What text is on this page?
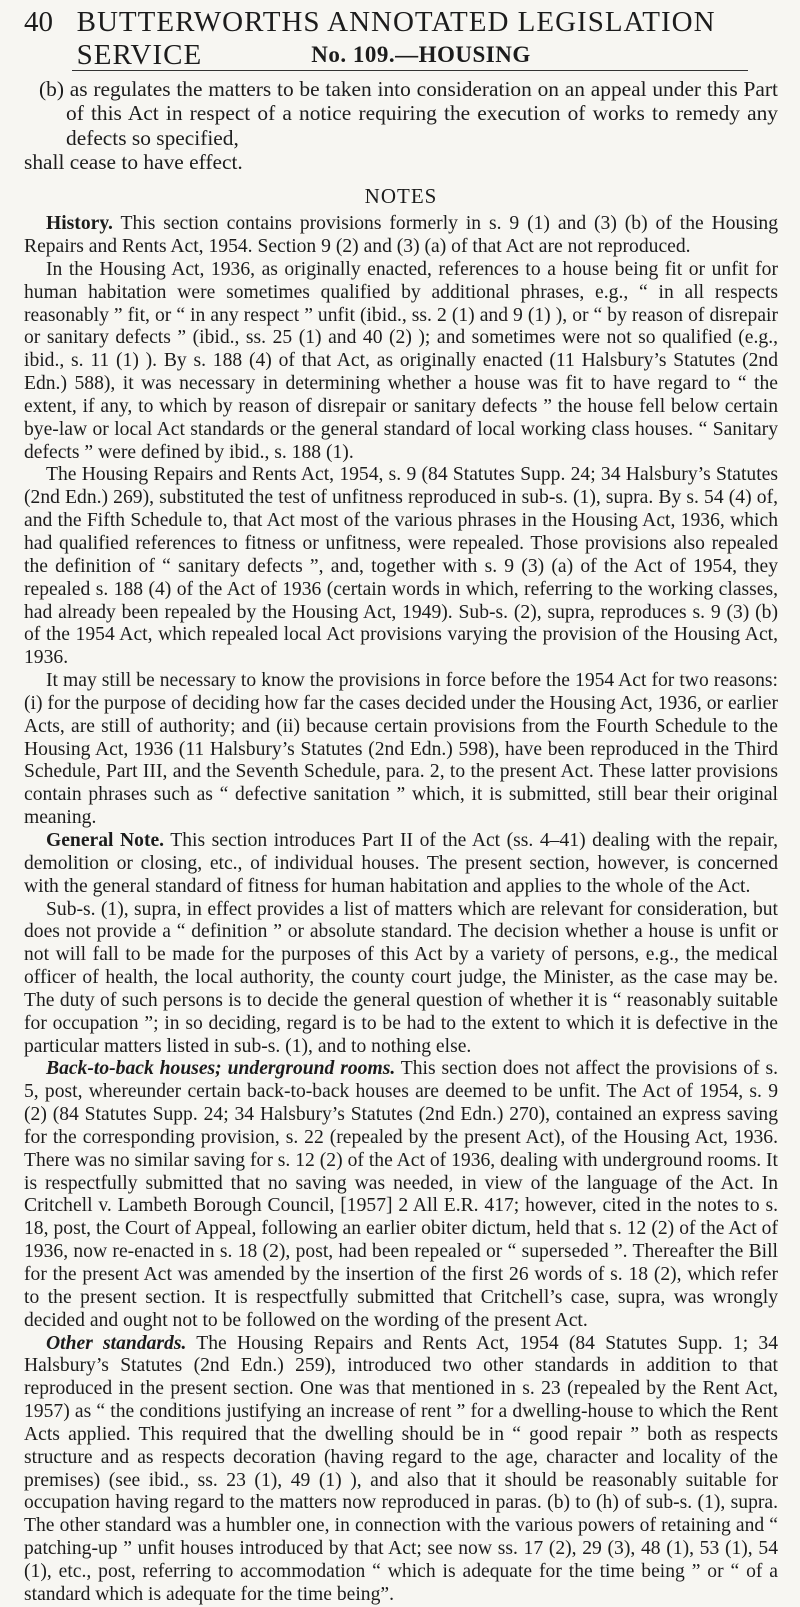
40 BUTTERWORTHS ANNOTATED LEGISLATION SERVICE	No. 109.—HOUSING

(b) as regulates the matters to be taken into consideration on an appeal under this Part of this Act in respect of a notice requiring the execution of works to remedy any defects so specified,

shall cease to have effect.

NOTES

History. This section contains provisions formerly in s. 9 (1) and (3) (b) of the Housing Repairs and Rents Act, 1954. Section 9 (2) and (3) (a) of that Act are not reproduced.

In the Housing Act, 1936, as originally enacted, references to a house being fit or unfit for human habitation were sometimes qualified by additional phrases, e.g., “ in all respects reasonably ” fit, or “ in any respect ” unfit (ibid., ss. 2 (1) and 9 (1) ), or “ by reason of disrepair or sanitary defects ” (ibid., ss. 25 (1) and 40 (2) ); and sometimes were not so qualified (e.g., ibid., s. 11 (1) ). By s. 188 (4) of that Act, as originally enacted (11 Halsbury’s Statutes (2nd Edn.) 588), it was necessary in determining whether a house was fit to have regard to “ the extent, if any, to which by reason of disrepair or sanitary defects ” the house fell below certain bye-law or local Act standards or the general standard of local working class houses. “ Sanitary defects ” were defined by ibid., s. 188 (1).

The Housing Repairs and Rents Act, 1954, s. 9 (84 Statutes Supp. 24; 34 Halsbury’s Statutes (2nd Edn.) 269), substituted the test of unfitness reproduced in sub-s. (1), supra. By s. 54 (4) of, and the Fifth Schedule to, that Act most of the various phrases in the Housing Act, 1936, which had qualified references to fitness or unfitness, were repealed. Those provisions also repealed the definition of “ sanitary defects ”, and, together with s. 9 (3) (a) of the Act of 1954, they repealed s. 188 (4) of the Act of 1936 (certain words in which, referring to the working classes, had already been repealed by the Housing Act, 1949). Sub-s. (2), supra, reproduces s. 9 (3) (b) of the 1954 Act, which repealed local Act provisions varying the provision of the Housing Act, 1936.

It may still be necessary to know the provisions in force before the 1954 Act for two reasons: (i) for the purpose of deciding how far the cases decided under the Housing Act, 1936, or earlier Acts, are still of authority; and (ii) because certain provisions from the Fourth Schedule to the Housing Act, 1936 (11 Halsbury’s Statutes (2nd Edn.) 598), have been reproduced in the Third Schedule, Part III, and the Seventh Schedule, para. 2, to the present Act. These latter provisions contain phrases such as “ defective sanitation ” which, it is submitted, still bear their original meaning.

General Note. This section introduces Part II of the Act (ss. 4–41) dealing with the repair, demolition or closing, etc., of individual houses. The present section, however, is concerned with the general standard of fitness for human habitation and applies to the whole of the Act.

Sub-s. (1), supra, in effect provides a list of matters which are relevant for consideration, but does not provide a “ definition ” or absolute standard. The decision whether a house is unfit or not will fall to be made for the purposes of this Act by a variety of persons, e.g., the medical officer of health, the local authority, the county court judge, the Minister, as the case may be. The duty of such persons is to decide the general question of whether it is “ reasonably suitable for occupation ”; in so deciding, regard is to be had to the extent to which it is defective in the particular matters listed in sub-s. (1), and to nothing else.

Back-to-back houses; underground rooms. This section does not affect the provisions of s. 5, post, whereunder certain back-to-back houses are deemed to be unfit. The Act of 1954, s. 9 (2) (84 Statutes Supp. 24; 34 Halsbury’s Statutes (2nd Edn.) 270), contained an express saving for the corresponding provision, s. 22 (repealed by the present Act), of the Housing Act, 1936. There was no similar saving for s. 12 (2) of the Act of 1936, dealing with underground rooms. It is respectfully submitted that no saving was needed, in view of the language of the Act. In Critchell v. Lambeth Borough Council, [1957] 2 All E.R. 417; however, cited in the notes to s. 18, post, the Court of Appeal, following an earlier obiter dictum, held that s. 12 (2) of the Act of 1936, now re-enacted in s. 18 (2), post, had been repealed or “ superseded ”. Thereafter the Bill for the present Act was amended by the insertion of the first 26 words of s. 18 (2), which refer to the present section. It is respectfully submitted that Critchell’s case, supra, was wrongly decided and ought not to be followed on the wording of the present Act.

Other standards. The Housing Repairs and Rents Act, 1954 (84 Statutes Supp. 1; 34 Halsbury’s Statutes (2nd Edn.) 259), introduced two other standards in addition to that reproduced in the present section. One was that mentioned in s. 23 (repealed by the Rent Act, 1957) as “ the conditions justifying an increase of rent ” for a dwelling-house to which the Rent Acts applied. This required that the dwelling should be in “ good repair ” both as respects structure and as respects decoration (having regard to the age, character and locality of the premises) (see ibid., ss. 23 (1), 49 (1) ), and also that it should be reasonably suitable for occupation having regard to the matters now reproduced in paras. (b) to (h) of sub-s. (1), supra. The other standard was a humbler one, in connection with the various powers of retaining and “ patching-up ” unfit houses introduced by that Act; see now ss. 17 (2), 29 (3), 48 (1), 53 (1), 54 (1), etc., post, referring to accommodation “ which is adequate for the time being ” or “ of a standard which is adequate for the time being”.
